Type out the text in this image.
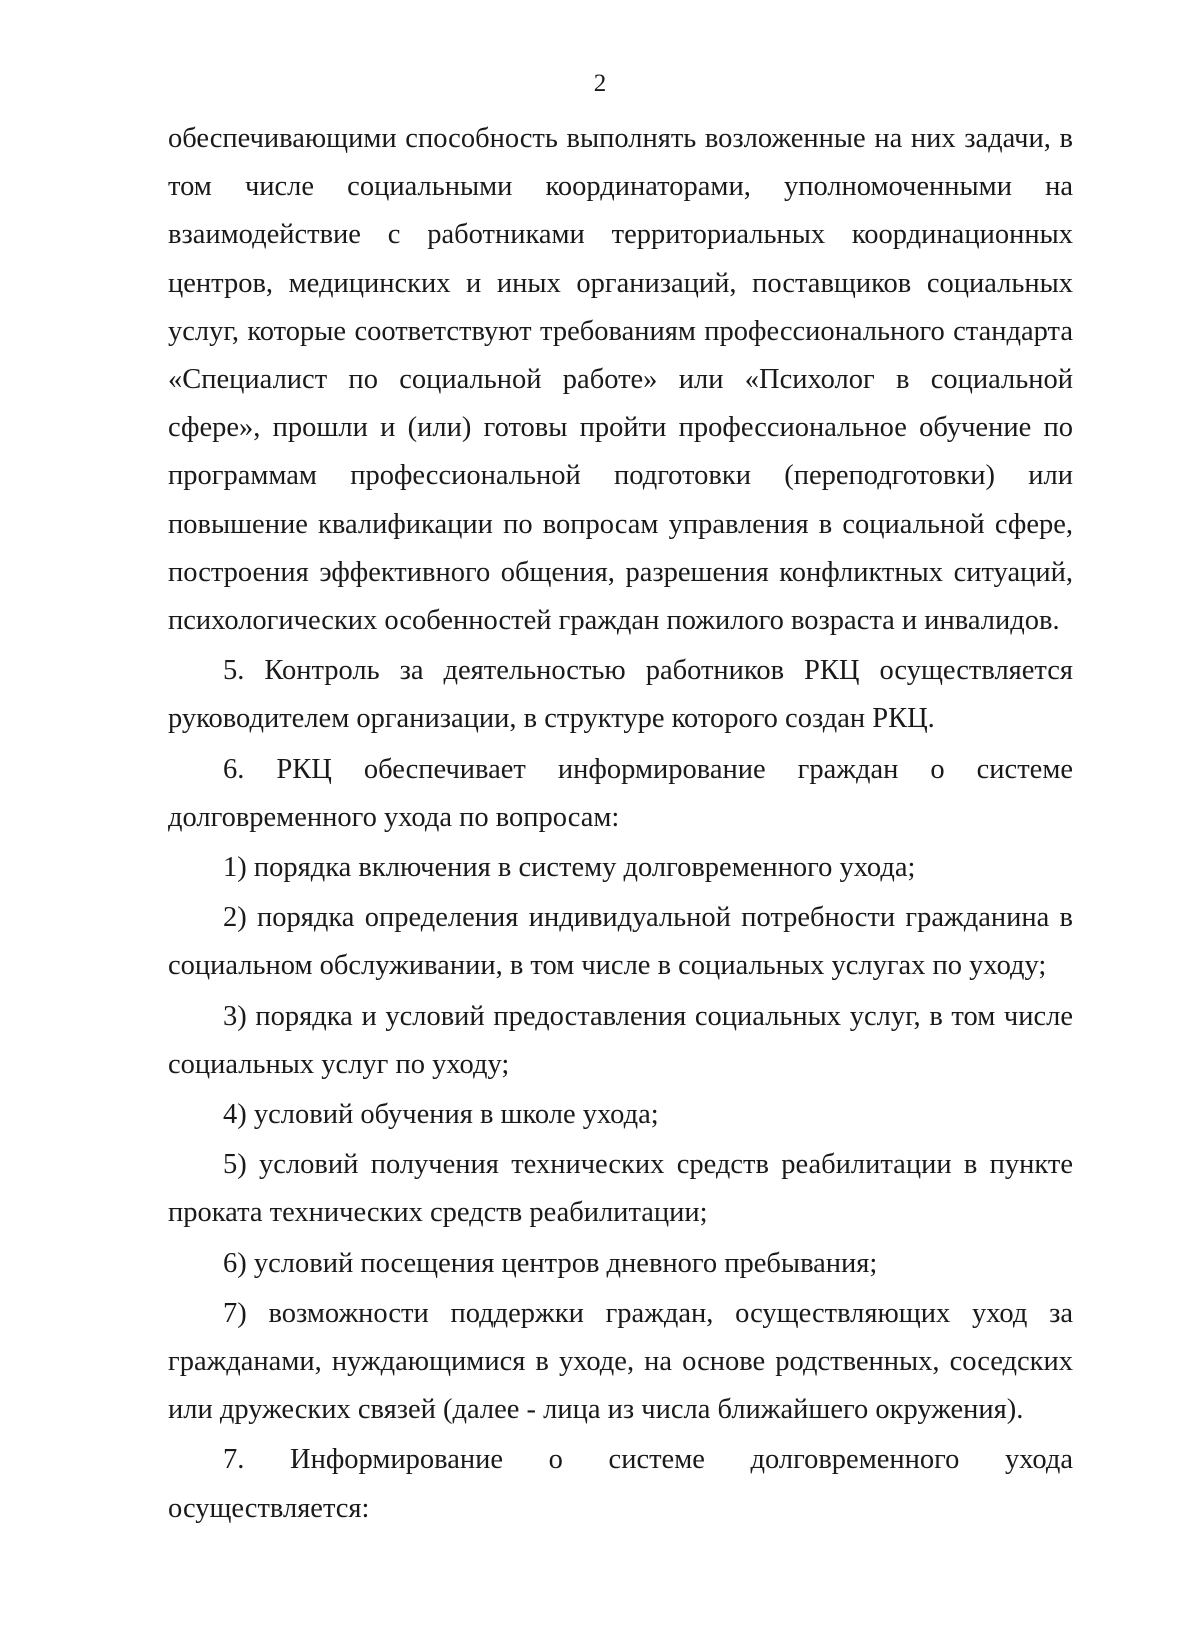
2

обеспечивающими способность выполнять возложенные на них задачи, в том числе социальными координаторами, уполномоченными на взаимодействие с работниками территориальных координационных центров, медицинских и иных организаций, поставщиков социальных услуг, которые соответствуют требованиям профессионального стандарта «Специалист по социальной работе» или «Психолог в социальной сфере», прошли и (или) готовы пройти профессиональное обучение по программам профессиональной подготовки (переподготовки) или повышение квалификации по вопросам управления в социальной сфере, построения эффективного общения, разрешения конфликтных ситуаций, психологических особенностей граждан пожилого возраста и инвалидов.

5. Контроль за деятельностью работников РКЦ осуществляется руководителем организации, в структуре которого создан РКЦ.

6. РКЦ обеспечивает информирование граждан о системе долговременного ухода по вопросам:

1) порядка включения в систему долговременного ухода;

2) порядка определения индивидуальной потребности гражданина в социальном обслуживании, в том числе в социальных услугах по уходу;

3) порядка и условий предоставления социальных услуг, в том числе социальных услуг по уходу;

4) условий обучения в школе ухода;

5) условий получения технических средств реабилитации в пункте проката технических средств реабилитации;

6) условий посещения центров дневного пребывания;

7) возможности поддержки граждан, осуществляющих уход за гражданами, нуждающимися в уходе, на основе родственных, соседских или дружеских связей (далее - лица из числа ближайшего окружения).

7. Информирование о системе долговременного ухода осуществляется:
